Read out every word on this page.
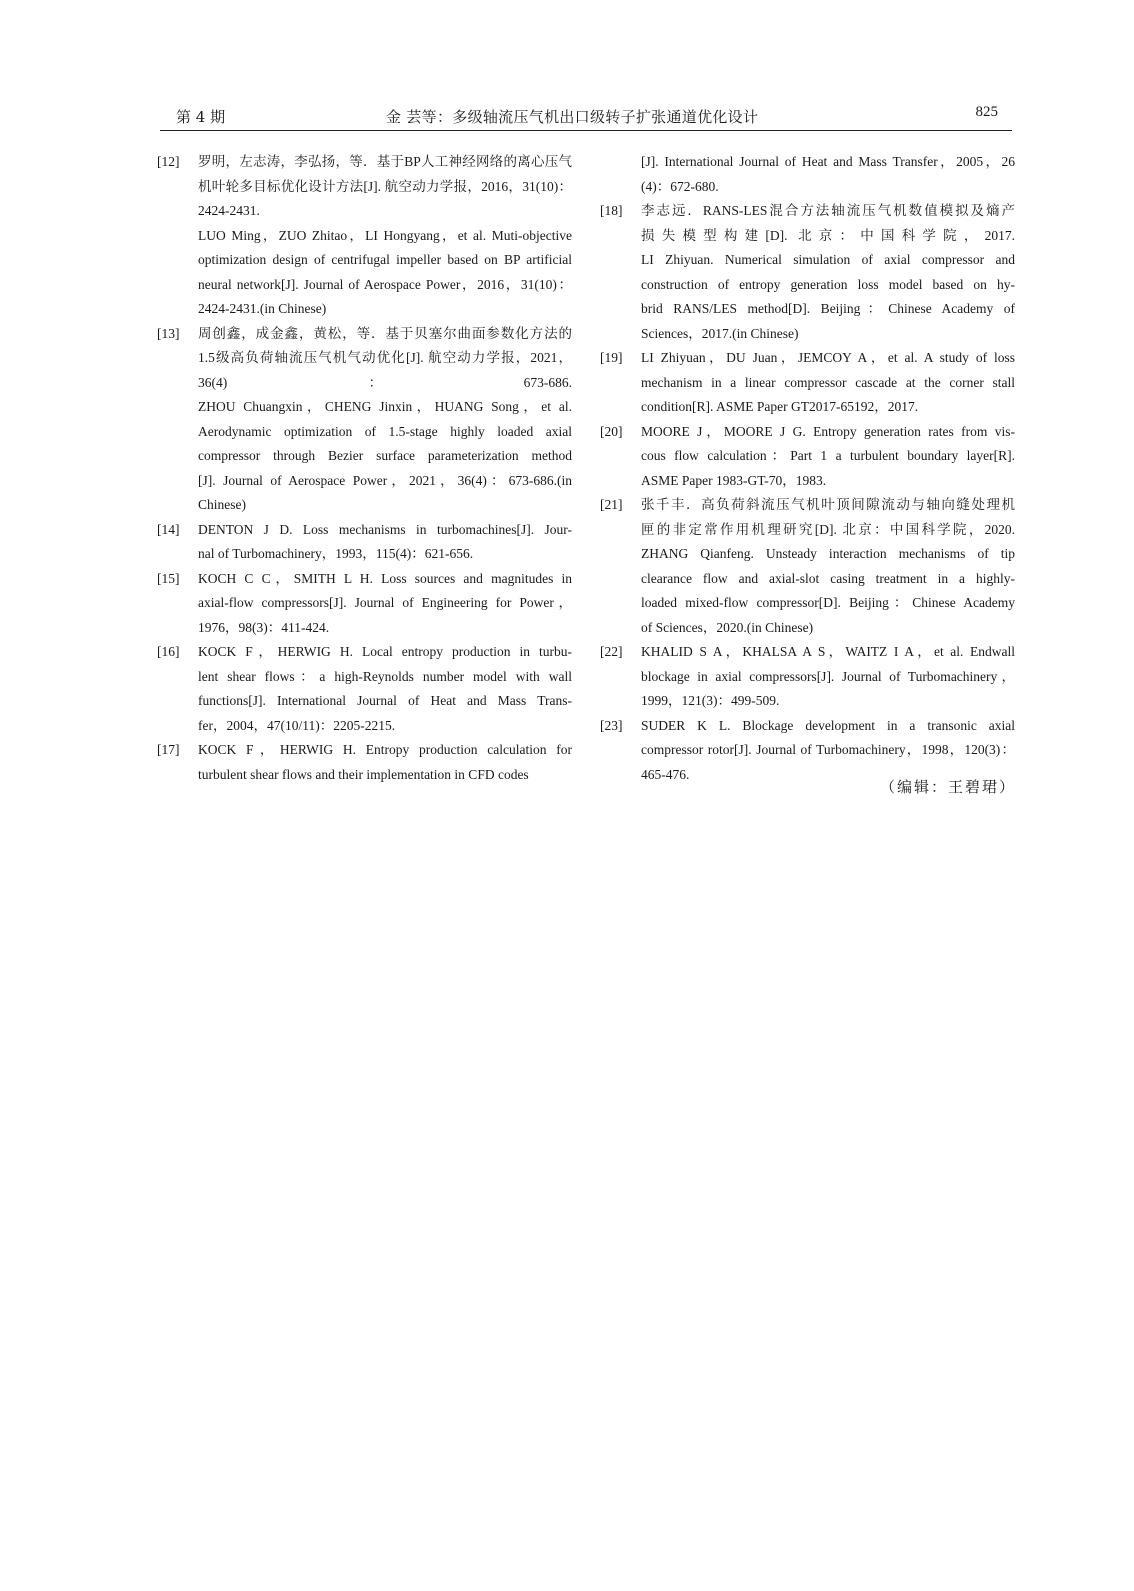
第 4 期	金 芸等：多级轴流压气机出口级转子扩张通道优化设计	825
[12] 罗明，左志涛，李弘扬，等．基于BP人工神经网络的离心压气
机叶轮多目标优化设计方法[J]. 航空动力学报，2016，31(10)：
2424-2431.
LUO Ming，ZUO Zhitao，LI Hongyang，et al. Muti-objective
optimization design of centrifugal impeller based on BP artificial
neural network[J]. Journal of Aerospace Power，2016，31(10)：
2424-2431.(in Chinese)
[13] 周创鑫，成金鑫，黄松，等．基于贝塞尔曲面参数化方法的
1.5级高负荷轴流压气机气动优化[J]. 航空动力学报，2021，
36(4)：673-686.
ZHOU Chuangxin，CHENG Jinxin，HUANG Song，et al.
Aerodynamic optimization of 1.5-stage highly loaded axial
compressor through Bezier surface parameterization method
[J]. Journal of Aerospace Power，2021，36(4)：673-686.(in
Chinese)
[14] DENTON J D. Loss mechanisms in turbomachines[J]. Jour-
nal of Turbomachinery，1993，115(4)：621-656.
[15] KOCH C C，SMITH L H. Loss sources and magnitudes in
axial-flow compressors[J]. Journal of Engineering for Power，
1976，98(3)：411-424.
[16] KOCK F，HERWIG H. Local entropy production in turbu-
lent shear flows：a high-Reynolds number model with wall
functions[J]. International Journal of Heat and Mass Trans-
fer，2004，47(10/11)：2205-2215.
[17] KOCK F，HERWIG H. Entropy production calculation for
turbulent shear flows and their implementation in CFD codes
[J]. International Journal of Heat and Mass Transfer，2005，26
(4)：672-680.
[18] 李志远．RANS-LES混合方法轴流压气机数值模拟及熵产
损失模型构建[D]. 北京：中国科学院，2017.
LI Zhiyuan. Numerical simulation of axial compressor and
construction of entropy generation loss model based on hy-
brid RANS/LES method[D]. Beijing：Chinese Academy of
Sciences，2017.(in Chinese)
[19] LI Zhiyuan，DU Juan，JEMCOY A，et al. A study of loss
mechanism in a linear compressor cascade at the corner stall
condition[R]. ASME Paper GT2017-65192，2017.
[20] MOORE J，MOORE J G. Entropy generation rates from vis-
cous flow calculation：Part 1 a turbulent boundary layer[R].
ASME Paper 1983-GT-70，1983.
[21] 张千丰．高负荷斜流压气机叶顶间隙流动与轴向缝处理机
匣的非定常作用机理研究[D]. 北京：中国科学院，2020.
ZHANG Qianfeng. Unsteady interaction mechanisms of tip
clearance flow and axial-slot casing treatment in a highly-
loaded mixed-flow compressor[D]. Beijing：Chinese Academy
of Sciences，2020.(in Chinese)
[22] KHALID S A，KHALSA A S，WAITZ I A，et al. Endwall
blockage in axial compressors[J]. Journal of Turbomachinery，
1999，121(3)：499-509.
[23] SUDER K L. Blockage development in a transonic axial
compressor rotor[J]. Journal of Turbomachinery，1998，120(3)：
465-476.
（编辑：王碧珺）
